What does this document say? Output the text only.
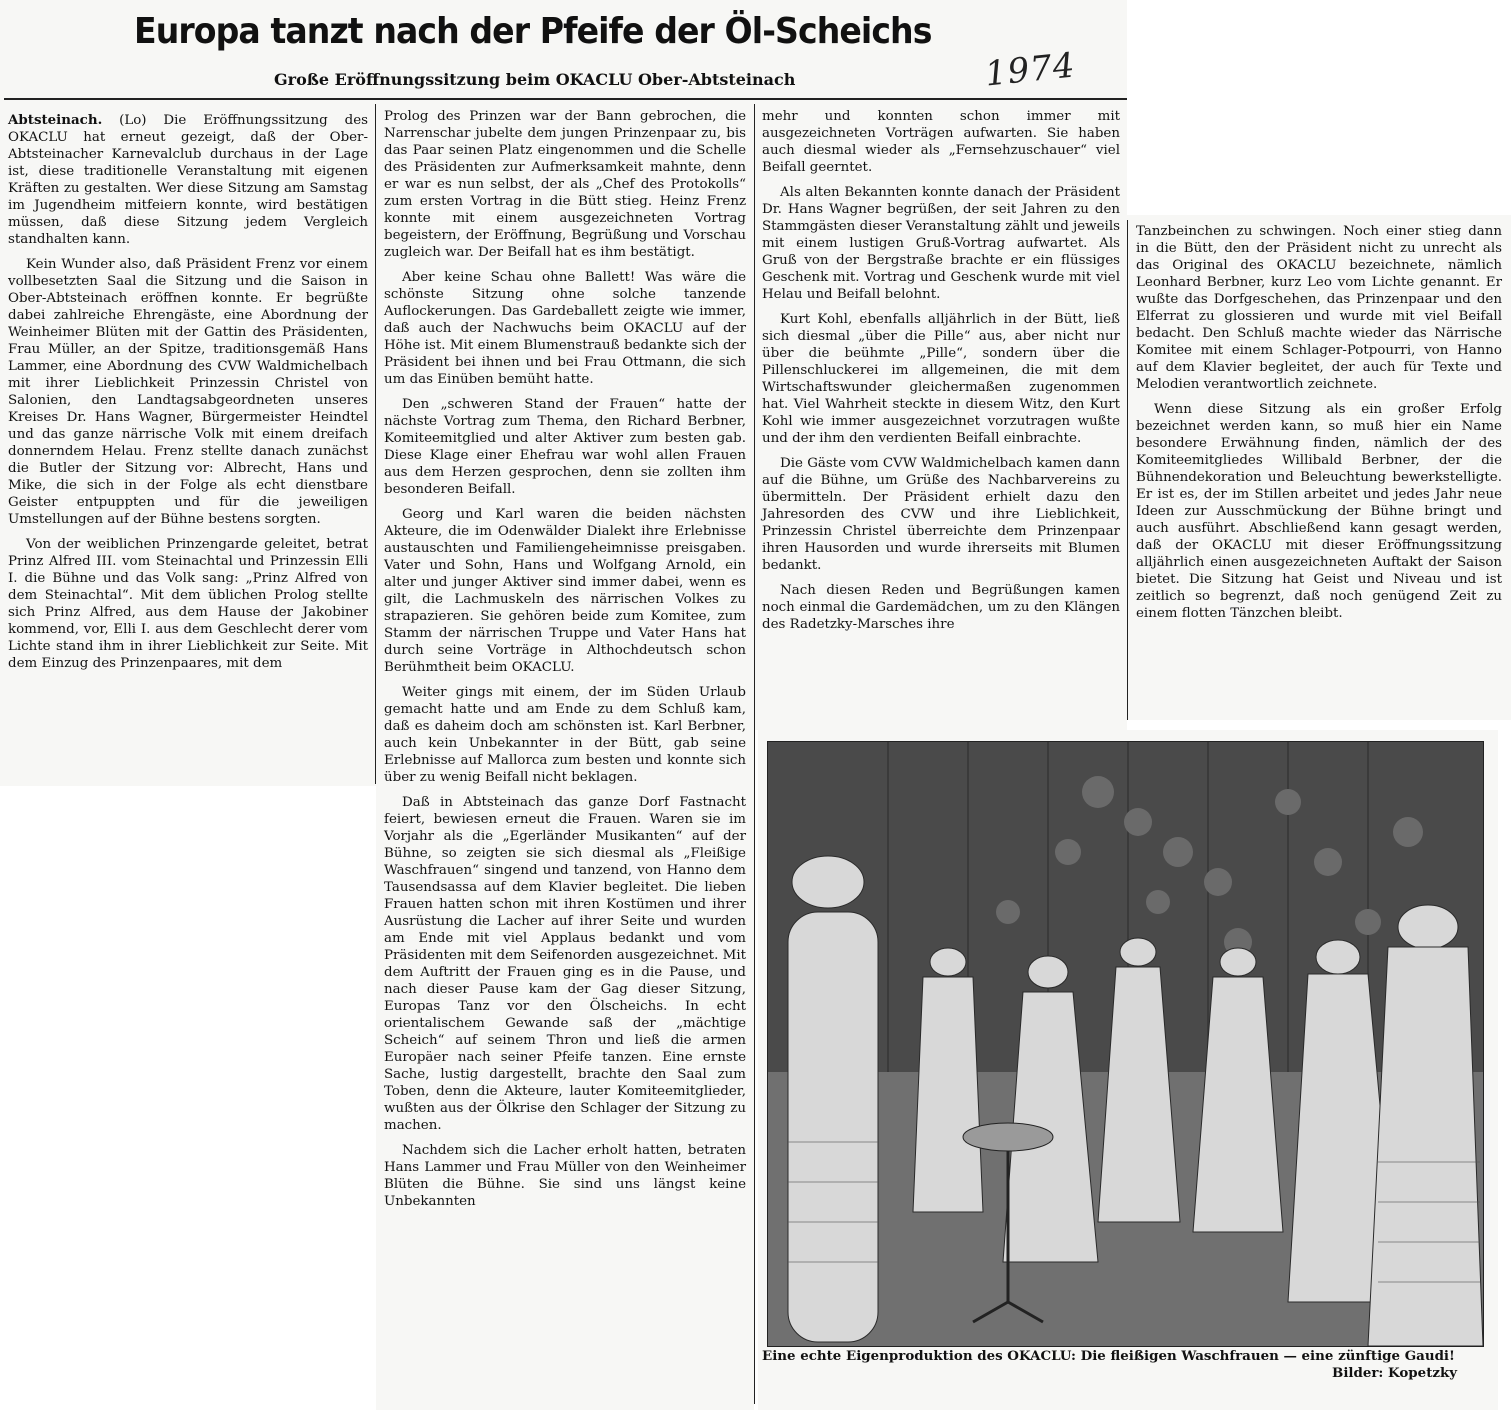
Europa tanzt nach der Pfeife der Öl-Scheichs
Große Eröffnungssitzung beim OKACLU Ober-Abtsteinach	1974

Abtsteinach. (Lo) Die Eröffnungssitzung des OKACLU hat erneut gezeigt, daß der Ober-Abtsteinacher Karnevalclub durchaus in der Lage ist, diese traditionelle Veranstaltung mit eigenen Kräften zu gestalten. Wer diese Sitzung am Samstag im Jugendheim mitfeiern konnte, wird bestätigen müssen, daß diese Sitzung jedem Vergleich standhalten kann.

Kein Wunder also, daß Präsident Frenz vor einem vollbesetzten Saal die Sitzung und die Saison in Ober-Abtsteinach eröffnen konnte. Er begrüßte dabei zahlreiche Ehrengäste, eine Abordnung der Weinheimer Blüten mit der Gattin des Präsidenten, Frau Müller, an der Spitze, traditionsgemäß Hans Lammer, eine Abordnung des CVW Waldmichelbach mit ihrer Lieblichkeit Prinzessin Christel von Salonien, den Landtagsabgeordneten unseres Kreises Dr. Hans Wagner, Bürgermeister Heindtel und das ganze närrische Volk mit einem dreifach donnerndem Helau. Frenz stellte danach zunächst die Butler der Sitzung vor: Albrecht, Hans und Mike, die sich in der Folge als echt dienstbare Geister entpuppten und für die jeweiligen Umstellungen auf der Bühne bestens sorgten.

Von der weiblichen Prinzengarde geleitet, betrat Prinz Alfred III. vom Steinachtal und Prinzessin Elli I. die Bühne und das Volk sang: „Prinz Alfred von dem Steinachtal“. Mit dem üblichen Prolog stellte sich Prinz Alfred, aus dem Hause der Jakobiner kommend, vor, Elli I. aus dem Geschlecht derer vom Lichte stand ihm in ihrer Lieblichkeit zur Seite. Mit dem Einzug des Prinzenpaares, mit dem

Prolog des Prinzen war der Bann gebrochen, die Narrenschar jubelte dem jungen Prinzenpaar zu, bis das Paar seinen Platz eingenommen und die Schelle des Präsidenten zur Aufmerksamkeit mahnte, denn er war es nun selbst, der als „Chef des Protokolls“ zum ersten Vortrag in die Bütt stieg. Heinz Frenz konnte mit einem ausgezeichneten Vortrag begeistern, der Eröffnung, Begrüßung und Vorschau zugleich war. Der Beifall hat es ihm bestätigt.

Aber keine Schau ohne Ballett! Was wäre die schönste Sitzung ohne solche tanzende Auflockerungen. Das Gardeballett zeigte wie immer, daß auch der Nachwuchs beim OKACLU auf der Höhe ist. Mit einem Blumenstrauß bedankte sich der Präsident bei ihnen und bei Frau Ottmann, die sich um das Einüben bemüht hatte.

Den „schweren Stand der Frauen“ hatte der nächste Vortrag zum Thema, den Richard Berbner, Komiteemitglied und alter Aktiver zum besten gab. Diese Klage einer Ehefrau war wohl allen Frauen aus dem Herzen gesprochen, denn sie zollten ihm besonderen Beifall.

Georg und Karl waren die beiden nächsten Akteure, die im Odenwälder Dialekt ihre Erlebnisse austauschten und Familiengeheimnisse preisgaben. Vater und Sohn, Hans und Wolfgang Arnold, ein alter und junger Aktiver sind immer dabei, wenn es gilt, die Lachmuskeln des närrischen Volkes zu strapazieren. Sie gehören beide zum Komitee, zum Stamm der närrischen Truppe und Vater Hans hat durch seine Vorträge in Althochdeutsch schon Berühmtheit beim OKACLU.

Weiter gings mit einem, der im Süden Urlaub gemacht hatte und am Ende zu dem Schluß kam, daß es daheim doch am schönsten ist. Karl Berbner, auch kein Unbekannter in der Bütt, gab seine Erlebnisse auf Mallorca zum besten und konnte sich über zu wenig Beifall nicht beklagen.

Daß in Abtsteinach das ganze Dorf Fastnacht feiert, bewiesen erneut die Frauen. Waren sie im Vorjahr als die „Egerländer Musikanten“ auf der Bühne, so zeigten sie sich diesmal als „Fleißige Waschfrauen“ singend und tanzend, von Hanno dem Tausendsassa auf dem Klavier begleitet. Die lieben Frauen hatten schon mit ihren Kostümen und ihrer Ausrüstung die Lacher auf ihrer Seite und wurden am Ende mit viel Applaus bedankt und vom Präsidenten mit dem Seifenorden ausgezeichnet. Mit dem Auftritt der Frauen ging es in die Pause, und nach dieser Pause kam der Gag dieser Sitzung, Europas Tanz vor den Ölscheichs. In echt orientalischem Gewande saß der „mächtige Scheich“ auf seinem Thron und ließ die armen Europäer nach seiner Pfeife tanzen. Eine ernste Sache, lustig dargestellt, brachte den Saal zum Toben, denn die Akteure, lauter Komiteemitglieder, wußten aus der Ölkrise den Schlager der Sitzung zu machen.

Nachdem sich die Lacher erholt hatten, betraten Hans Lammer und Frau Müller von den Weinheimer Blüten die Bühne. Sie sind uns längst keine Unbekannten

mehr und konnten schon immer mit ausgezeichneten Vorträgen aufwarten. Sie haben auch diesmal wieder als „Fernsehzuschauer“ viel Beifall geerntet.

Als alten Bekannten konnte danach der Präsident Dr. Hans Wagner begrüßen, der seit Jahren zu den Stammgästen dieser Veranstaltung zählt und jeweils mit einem lustigen Gruß-Vortrag aufwartet. Als Gruß von der Bergstraße brachte er ein flüssiges Geschenk mit. Vortrag und Geschenk wurde mit viel Helau und Beifall belohnt.

Kurt Kohl, ebenfalls alljährlich in der Bütt, ließ sich diesmal „über die Pille“ aus, aber nicht nur über die beühmte „Pille“, sondern über die Pillenschluckerei im allgemeinen, die mit dem Wirtschaftswunder gleichermaßen zugenommen hat. Viel Wahrheit steckte in diesem Witz, den Kurt Kohl wie immer ausgezeichnet vorzutragen wußte und der ihm den verdienten Beifall einbrachte.

Die Gäste vom CVW Waldmichelbach kamen dann auf die Bühne, um Grüße des Nachbarvereins zu übermitteln. Der Präsident erhielt dazu den Jahresorden des CVW und ihre Lieblichkeit, Prinzessin Christel überreichte dem Prinzenpaar ihren Hausorden und wurde ihrerseits mit Blumen bedankt.

Nach diesen Reden und Begrüßungen kamen noch einmal die Gardemädchen, um zu den Klängen des Radetzky-Marsches ihre

Tanzbeinchen zu schwingen. Noch einer stieg dann in die Bütt, den der Präsident nicht zu unrecht als das Original des OKACLU bezeichnete, nämlich Leonhard Berbner, kurz Leo vom Lichte genannt. Er wußte das Dorfgeschehen, das Prinzenpaar und den Elferrat zu glossieren und wurde mit viel Beifall bedacht. Den Schluß machte wieder das Närrische Komitee mit einem Schlager-Potpourri, von Hanno auf dem Klavier begleitet, der auch für Texte und Melodien verantwortlich zeichnete.

Wenn diese Sitzung als ein großer Erfolg bezeichnet werden kann, so muß hier ein Name besondere Erwähnung finden, nämlich der des Komiteemitgliedes Willibald Berbner, der die Bühnendekoration und Beleuchtung bewerkstelligte. Er ist es, der im Stillen arbeitet und jedes Jahr neue Ideen zur Ausschmückung der Bühne bringt und auch ausführt. Abschließend kann gesagt werden, daß der OKACLU mit dieser Eröffnungssitzung alljährlich einen ausgezeichneten Auftakt der Saison bietet. Die Sitzung hat Geist und Niveau und ist zeitlich so begrenzt, daß noch genügend Zeit zu einem flotten Tänzchen bleibt.

Eine echte Eigenproduktion des OKACLU: Die fleißigen Waschfrauen — eine zünftige Gaudi!
Bilder: Kopetzky
